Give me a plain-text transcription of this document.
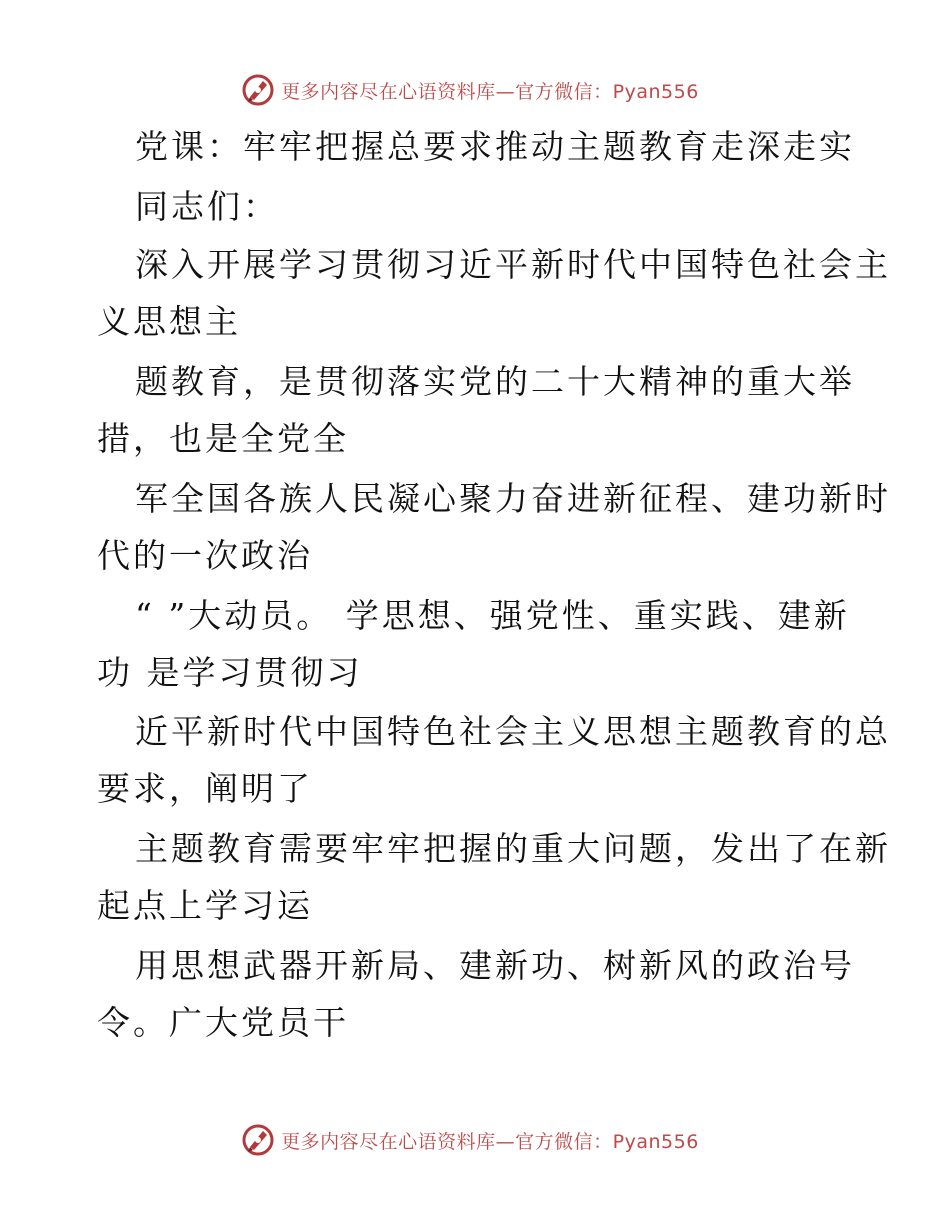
更多内容尽在心语资料库—官方微信：Pyan556
党课：牢牢把握总要求推动主题教育走深走实
同志们：
深入开展学习贯彻习近平新时代中国特色社会主
义思想主
题教育，是贯彻落实党的二十大精神的重大举
措，也是全党全
军全国各族人民凝心聚力奋进新征程、建功新时
代的一次政治
“ ”大动员。 学思想、强党性、重实践、建新
功 是学习贯彻习
近平新时代中国特色社会主义思想主题教育的总
要求，阐明了
主题教育需要牢牢把握的重大问题，发出了在新
起点上学习运
用思想武器开新局、建新功、树新风的政治号
令。广大党员干
更多内容尽在心语资料库—官方微信：Pyan556
